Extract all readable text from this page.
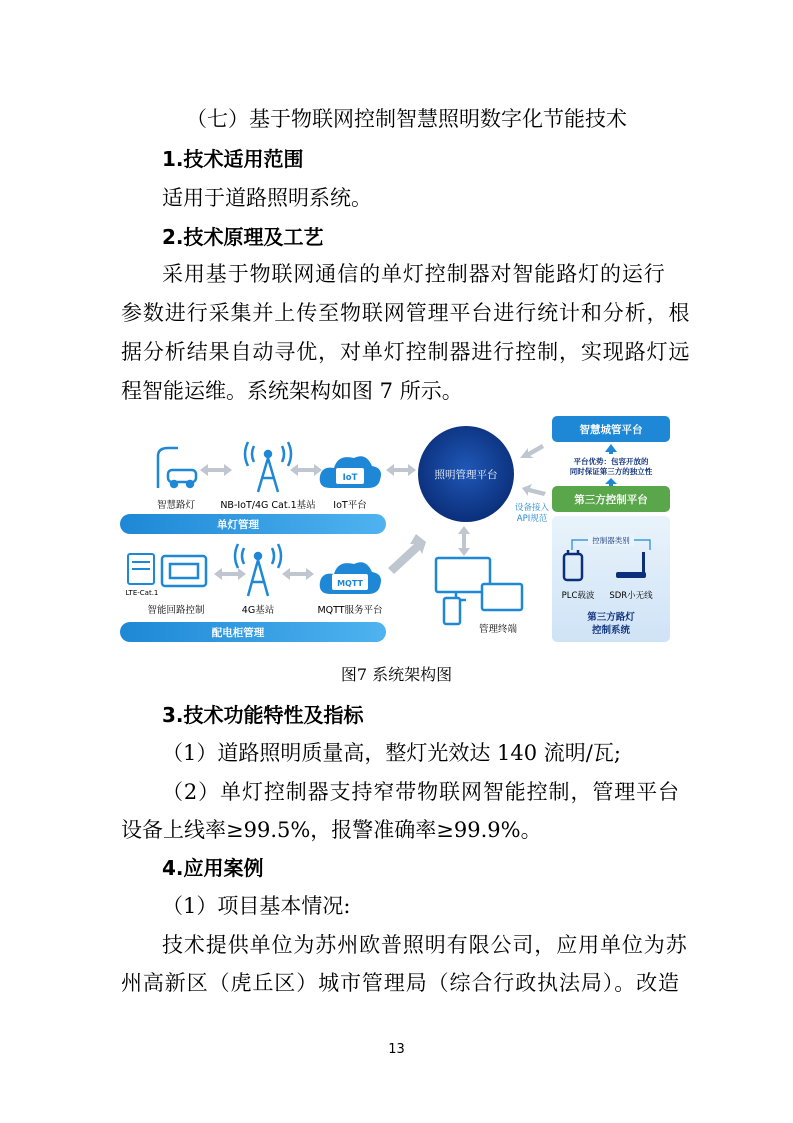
（七）基于物联网控制智慧照明数字化节能技术
1.技术适用范围
适用于道路照明系统。
2.技术原理及工艺
采用基于物联网通信的单灯控制器对智能路灯的运行
参数进行采集并上传至物联网管理平台进行统计和分析，根
据分析结果自动寻优，对单灯控制器进行控制，实现路灯远
程智能运维。系统架构如图 7 所示。
智慧路灯	NB-IoT/4G Cat.1基站
IoT
IoT平台
单灯管理
照明管理平台
LTE-Cat.1
智能回路控制	4G基站
MQTT
MQTT服务平台
配电柜管理
设备接入
API规范
管理终端
智慧城管平台
平台优势：包容开放的
同时保证第三方的独立性
第三方控制平台
控制器类别
PLC载波 SDR小无线
第三方路灯
控制系统
图7 系统架构图
3.技术功能特性及指标
（1）道路照明质量高，整灯光效达 140 流明/瓦;
（2）单灯控制器支持窄带物联网智能控制，管理平台
设备上线率≥99.5%，报警准确率≥99.9%。
4.应用案例
（1）项目基本情况:
技术提供单位为苏州欧普照明有限公司，应用单位为苏
州高新区（虎丘区）城市管理局（综合行政执法局）。改造
13
